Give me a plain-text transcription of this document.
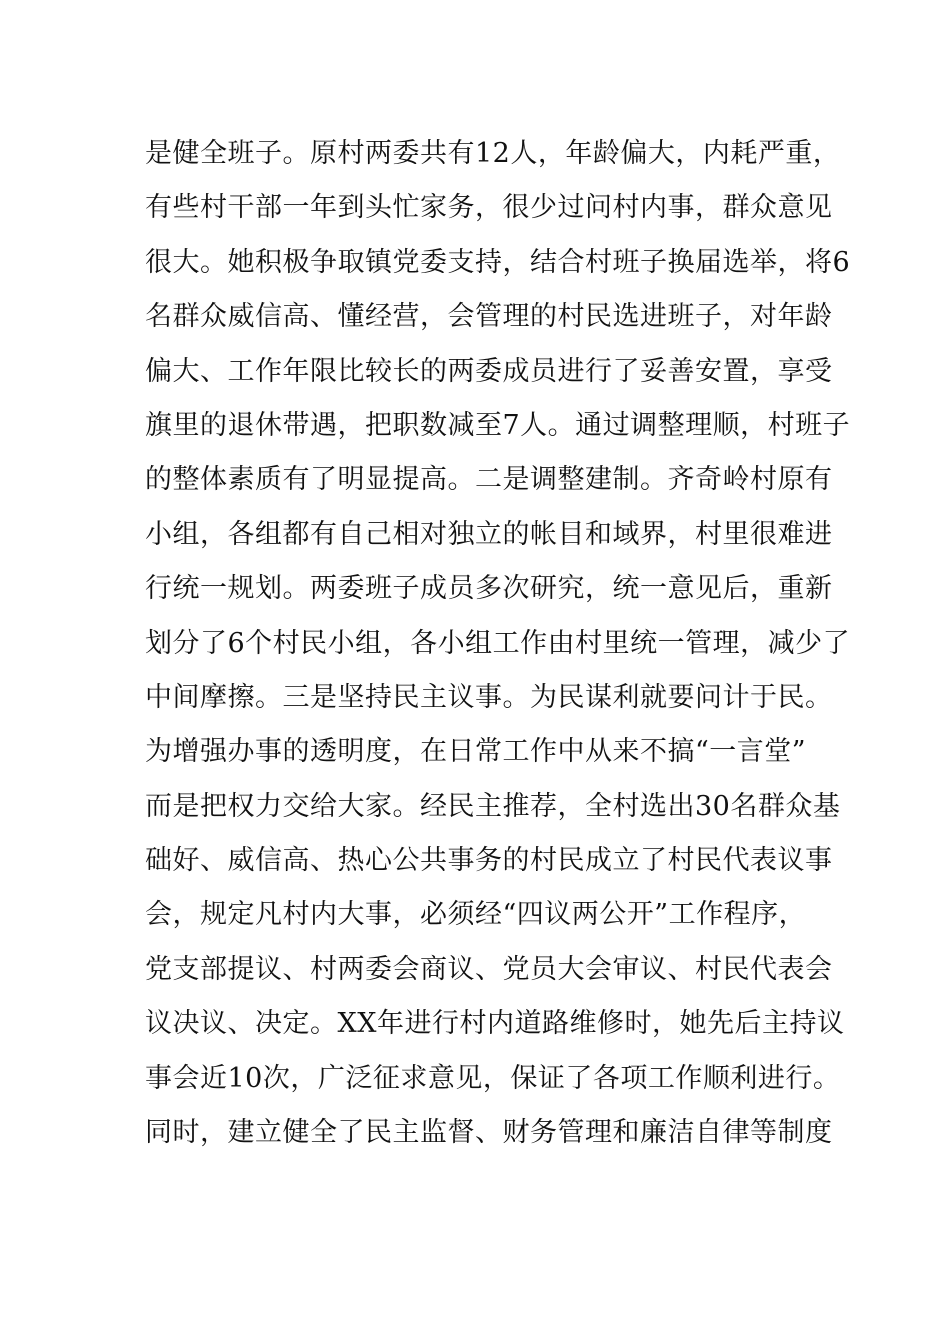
是健全班子。原村两委共有12人，年龄偏大，内耗严重，
有些村干部一年到头忙家务，很少过问村内事，群众意见
很大。她积极争取镇党委支持，结合村班子换届选举，将6
名群众威信高、懂经营，会管理的村民选进班子，对年龄
偏大、工作年限比较长的两委成员进行了妥善安置，享受
旗里的退休带遇，把职数减至7人。通过调整理顺，村班子
的整体素质有了明显提高。二是调整建制。齐奇岭村原有
小组，各组都有自己相对独立的帐目和域界，村里很难进
行统一规划。两委班子成员多次研究，统一意见后，重新
划分了6个村民小组，各小组工作由村里统一管理，减少了
中间摩擦。三是坚持民主议事。为民谋利就要问计于民。
为增强办事的透明度，在日常工作中从来不搞“一言堂”
而是把权力交给大家。经民主推荐，全村选出30名群众基
础好、威信高、热心公共事务的村民成立了村民代表议事
会，规定凡村内大事，必须经“四议两公开”工作程序，
党支部提议、村两委会商议、党员大会审议、村民代表会
议决议、决定。XX年进行村内道路维修时，她先后主持议
事会近10次，广泛征求意见，保证了各项工作顺利进行。
同时，建立健全了民主监督、财务管理和廉洁自律等制度
